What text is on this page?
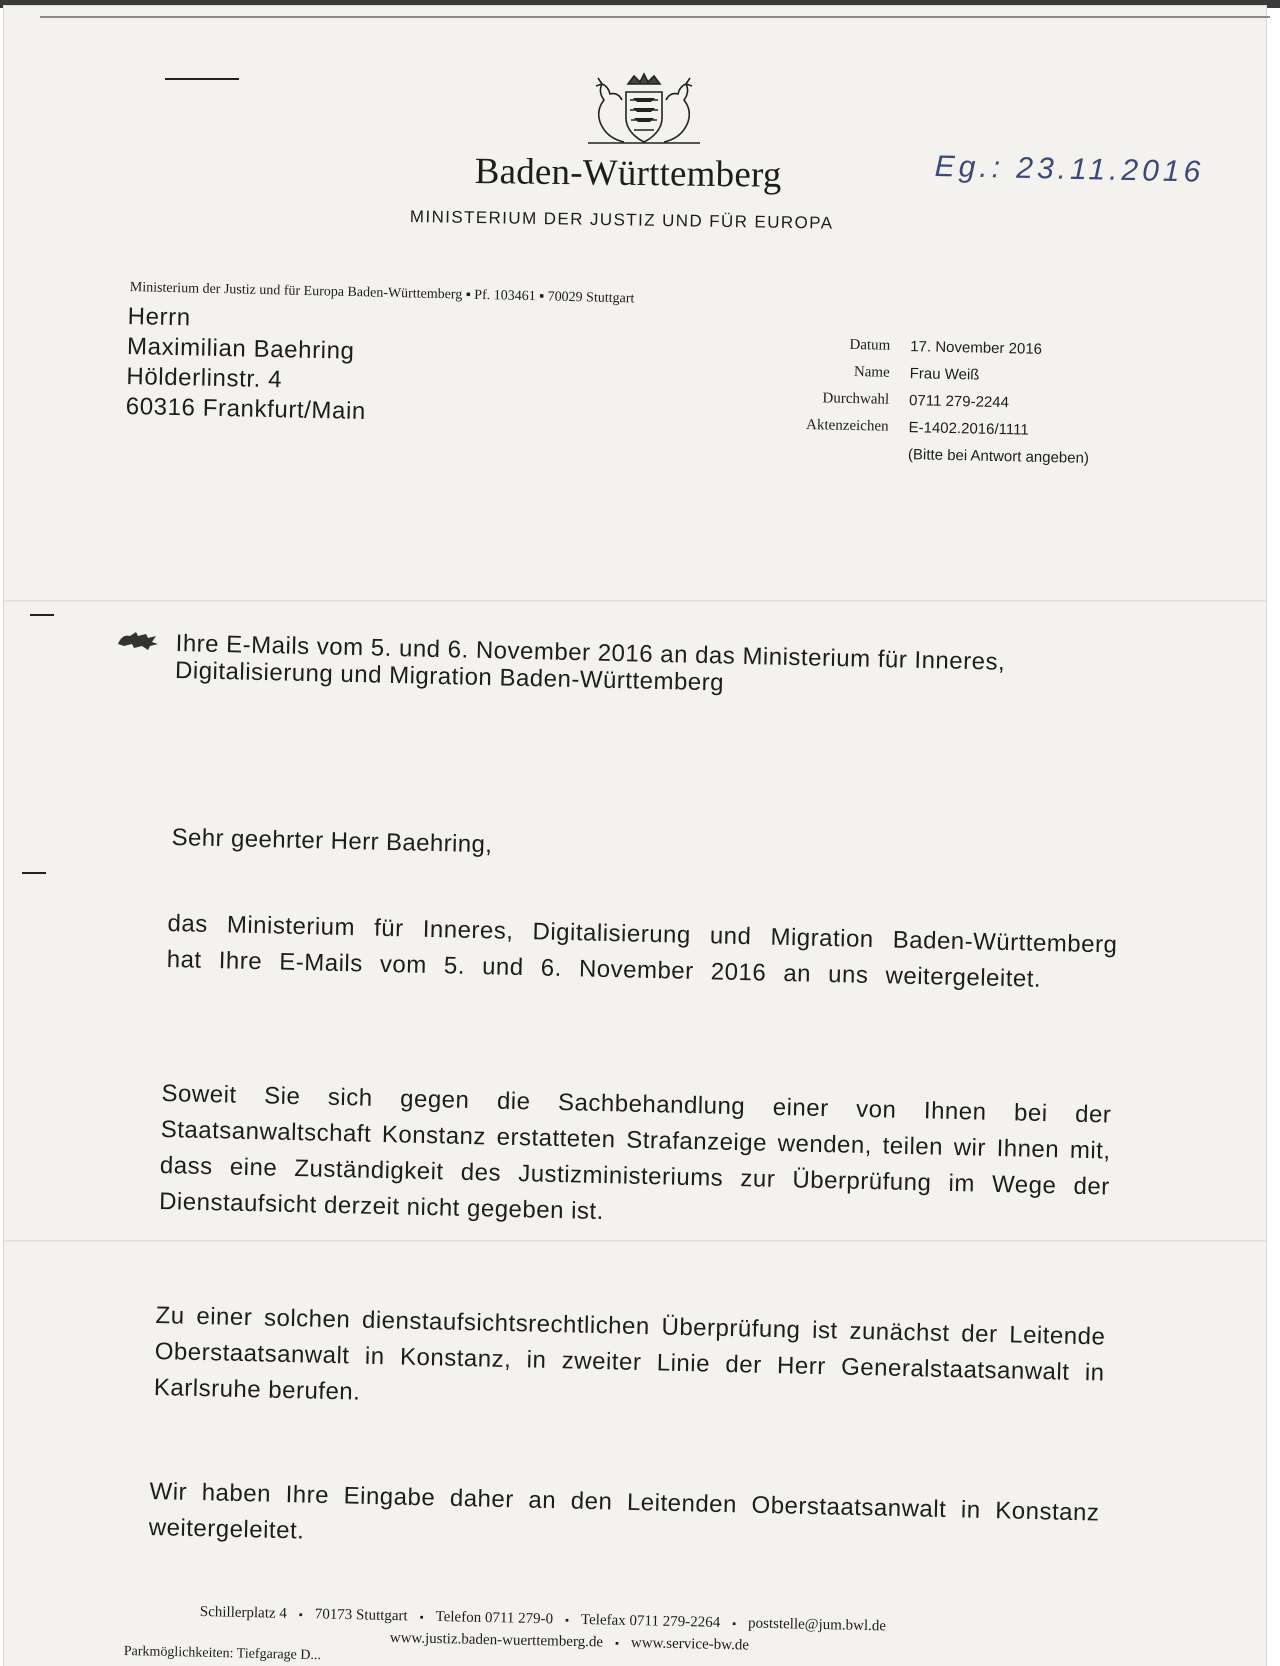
Baden-Württemberg

MINISTERIUM DER JUSTIZ UND FÜR EUROPA

Eg.: 23.11.2016

Ministerium der Justiz und für Europa Baden-Württemberg ▪ Pf. 103461 ▪ 70029 Stuttgart

Herrn
Maximilian Baehring
Hölderlinstr. 4
60316 Frankfurt/Main
Datum	17. November 2016
Name	Frau Weiß
Durchwahl	0711 279-2244
Aktenzeichen	E-1402.2016/1111
	(Bitte bei Antwort angeben)

Ihre E-Mails vom 5. und 6. November 2016 an das Ministerium für Inneres, Digitalisierung und Migration Baden-Württemberg

Sehr geehrter Herr Baehring,

das Ministerium für Inneres, Digitalisierung und Migration Baden-Württemberg hat Ihre E-Mails vom 5. und 6. November 2016 an uns weitergeleitet.

Soweit Sie sich gegen die Sachbehandlung einer von Ihnen bei der Staatsanwaltschaft Konstanz erstatteten Strafanzeige wenden, teilen wir Ihnen mit, dass eine Zuständigkeit des Justizministeriums zur Überprüfung im Wege der Dienstaufsicht derzeit nicht gegeben ist.

Zu einer solchen dienstaufsichtsrechtlichen Überprüfung ist zunächst der Leitende Oberstaatsanwalt in Konstanz, in zweiter Linie der Herr Generalstaatsanwalt in Karlsruhe berufen.

Wir haben Ihre Eingabe daher an den Leitenden Oberstaatsanwalt in Konstanz weitergeleitet.

Schillerplatz 4 ▪ 70173 Stuttgart ▪ Telefon 0711 279-0 ▪ Telefax 0711 279-2264 ▪ poststelle@jum.bwl.de
www.justiz.baden-wuerttemberg.de ▪ www.service-bw.de
Parkmöglichkeiten: Tiefgarage D...
